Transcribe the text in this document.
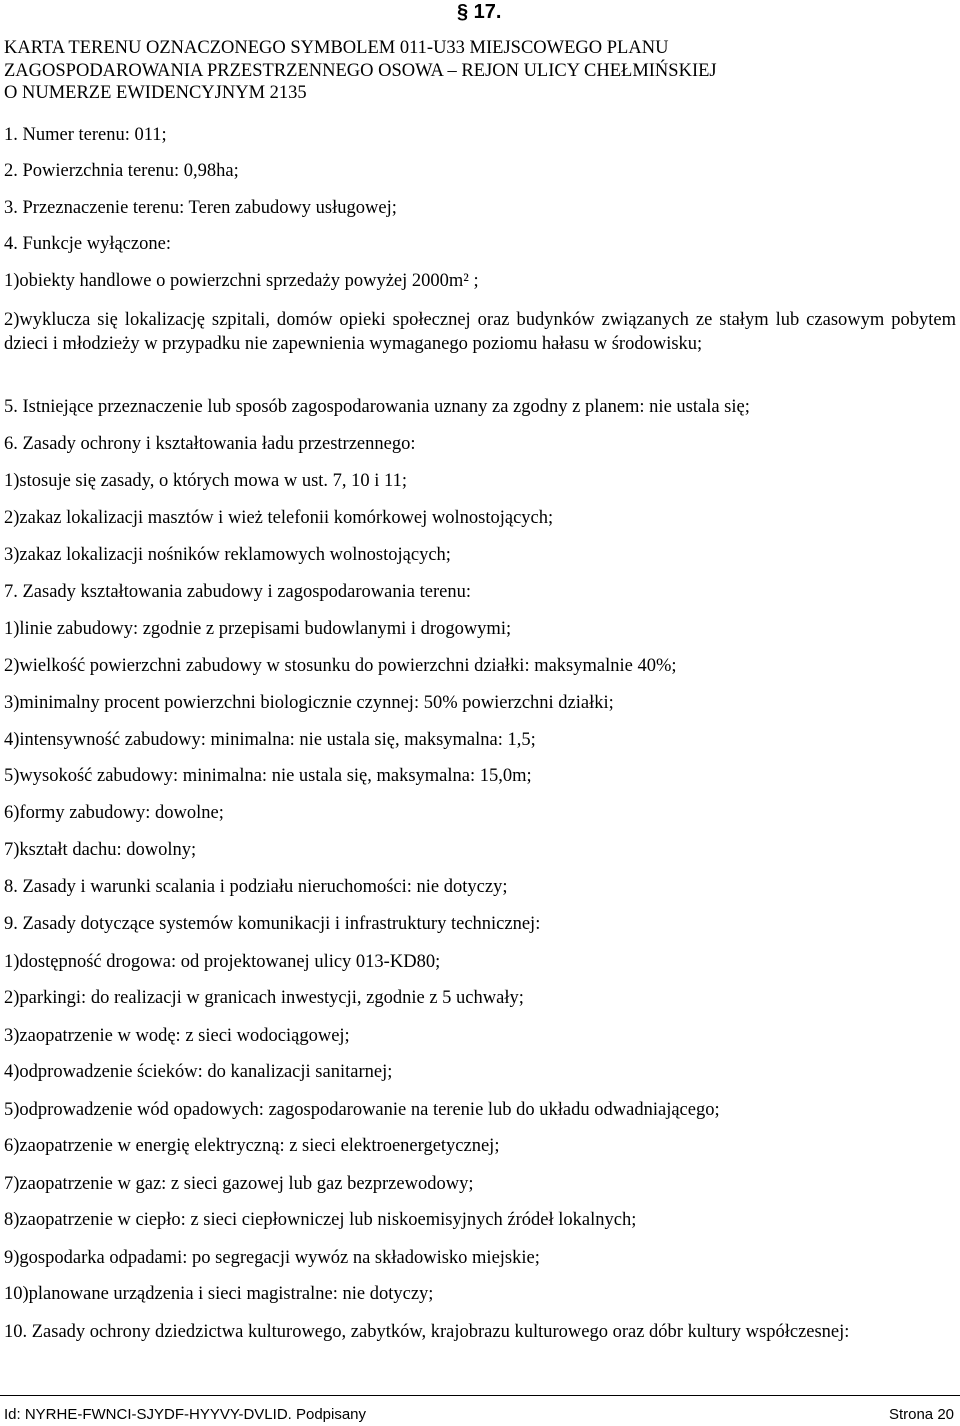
§ 17.
KARTA TERENU OZNACZONEGO SYMBOLEM 011-U33 MIEJSCOWEGO PLANU
ZAGOSPODAROWANIA PRZESTRZENNEGO OSOWA – REJON ULICY CHEŁMIŃSKIEJ
O NUMERZE EWIDENCYJNYM 2135
1. Numer terenu: 011;
2. Powierzchnia terenu: 0,98ha;
3. Przeznaczenie terenu: Teren zabudowy usługowej;
4. Funkcje wyłączone:
1)obiekty handlowe o powierzchni sprzedaży powyżej 2000m² ;
2)wyklucza się lokalizację szpitali, domów opieki społecznej oraz budynków związanych ze stałym lub czasowym pobytem dzieci i młodzieży w przypadku nie zapewnienia wymaganego poziomu hałasu w środowisku;
5. Istniejące przeznaczenie lub sposób zagospodarowania uznany za zgodny z planem: nie ustala się;
6. Zasady ochrony i kształtowania ładu przestrzennego:
1)stosuje się zasady, o których mowa w ust. 7, 10 i 11;
2)zakaz lokalizacji masztów i wież telefonii komórkowej wolnostojących;
3)zakaz lokalizacji nośników reklamowych wolnostojących;
7. Zasady kształtowania zabudowy i zagospodarowania terenu:
1)linie zabudowy: zgodnie z przepisami budowlanymi i drogowymi;
2)wielkość powierzchni zabudowy w stosunku do powierzchni działki: maksymalnie 40%;
3)minimalny procent powierzchni biologicznie czynnej: 50% powierzchni działki;
4)intensywność zabudowy: minimalna: nie ustala się, maksymalna: 1,5;
5)wysokość zabudowy: minimalna: nie ustala się, maksymalna: 15,0m;
6)formy zabudowy: dowolne;
7)kształt dachu: dowolny;
8. Zasady i warunki scalania i podziału nieruchomości: nie dotyczy;
9. Zasady dotyczące systemów komunikacji i infrastruktury technicznej:
1)dostępność drogowa: od projektowanej ulicy 013-KD80;
2)parkingi: do realizacji w granicach inwestycji, zgodnie z 5 uchwały;
3)zaopatrzenie w wodę: z sieci wodociągowej;
4)odprowadzenie ścieków: do kanalizacji sanitarnej;
5)odprowadzenie wód opadowych: zagospodarowanie na terenie lub do układu odwadniającego;
6)zaopatrzenie w energię elektryczną: z sieci elektroenergetycznej;
7)zaopatrzenie w gaz: z sieci gazowej lub gaz bezprzewodowy;
8)zaopatrzenie w ciepło: z sieci ciepłowniczej lub niskoemisyjnych źródeł lokalnych;
9)gospodarka odpadami: po segregacji wywóz na składowisko miejskie;
10)planowane urządzenia i sieci magistralne: nie dotyczy;
10. Zasady ochrony dziedzictwa kulturowego, zabytków, krajobrazu kulturowego oraz dóbr kultury współczesnej:
Id: NYRHE-FWNCI-SJYDF-HYYVY-DVLID. Podpisany	Strona 20
